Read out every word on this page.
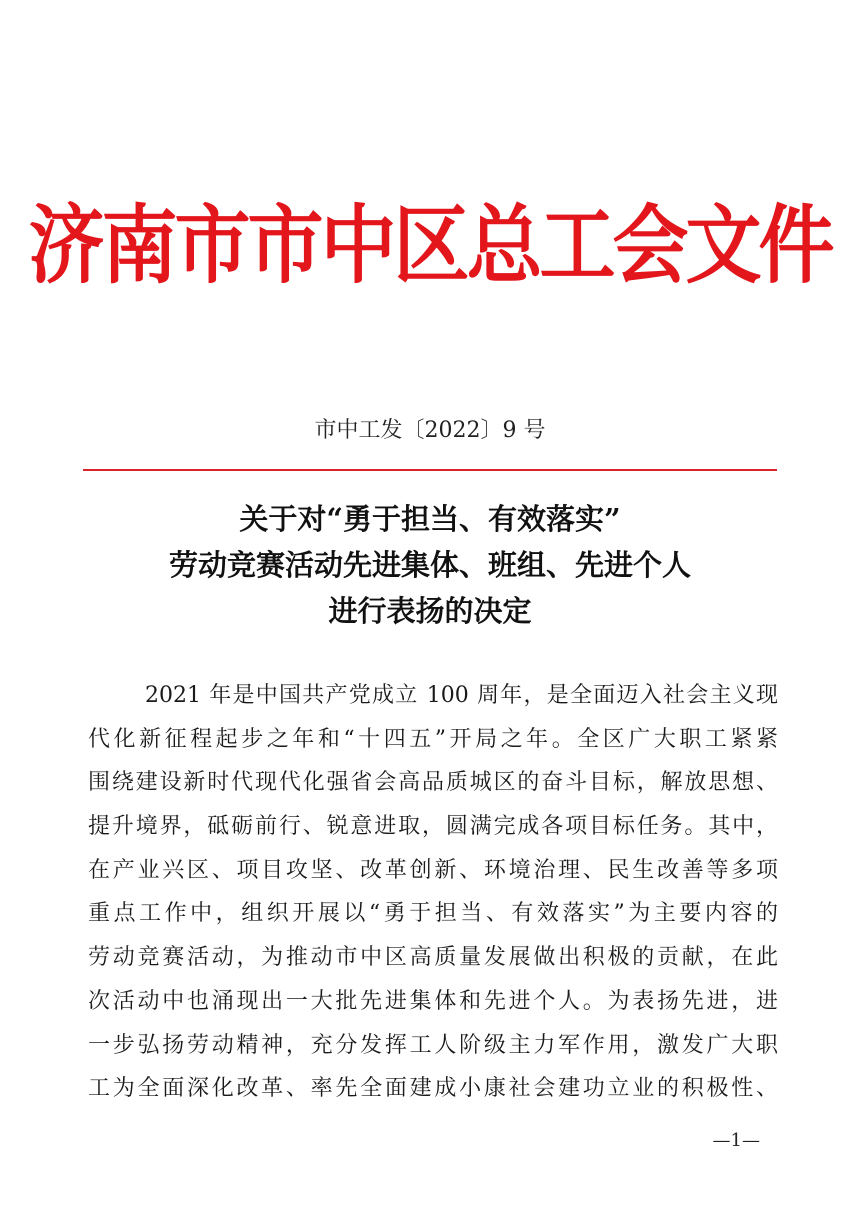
济南市市中区总工会文件
市中工发〔2022〕9 号
关于对“勇于担当、有效落实”
劳动竞赛活动先进集体、班组、先进个人
进行表扬的决定
2021 年是中国共产党成立 100 周年，是全面迈入社会主义现
代化新征程起步之年和“十四五”开局之年。全区广大职工紧紧
围绕建设新时代现代化强省会高品质城区的奋斗目标，解放思想、
提升境界，砥砺前行、锐意进取，圆满完成各项目标任务。其中，
在产业兴区、项目攻坚、改革创新、环境治理、民生改善等多项
重点工作中，组织开展以“勇于担当、有效落实”为主要内容的
劳动竞赛活动，为推动市中区高质量发展做出积极的贡献，在此
次活动中也涌现出一大批先进集体和先进个人。为表扬先进，进
一步弘扬劳动精神，充分发挥工人阶级主力军作用，激发广大职
工为全面深化改革、率先全面建成小康社会建功立业的积极性、
—1—
